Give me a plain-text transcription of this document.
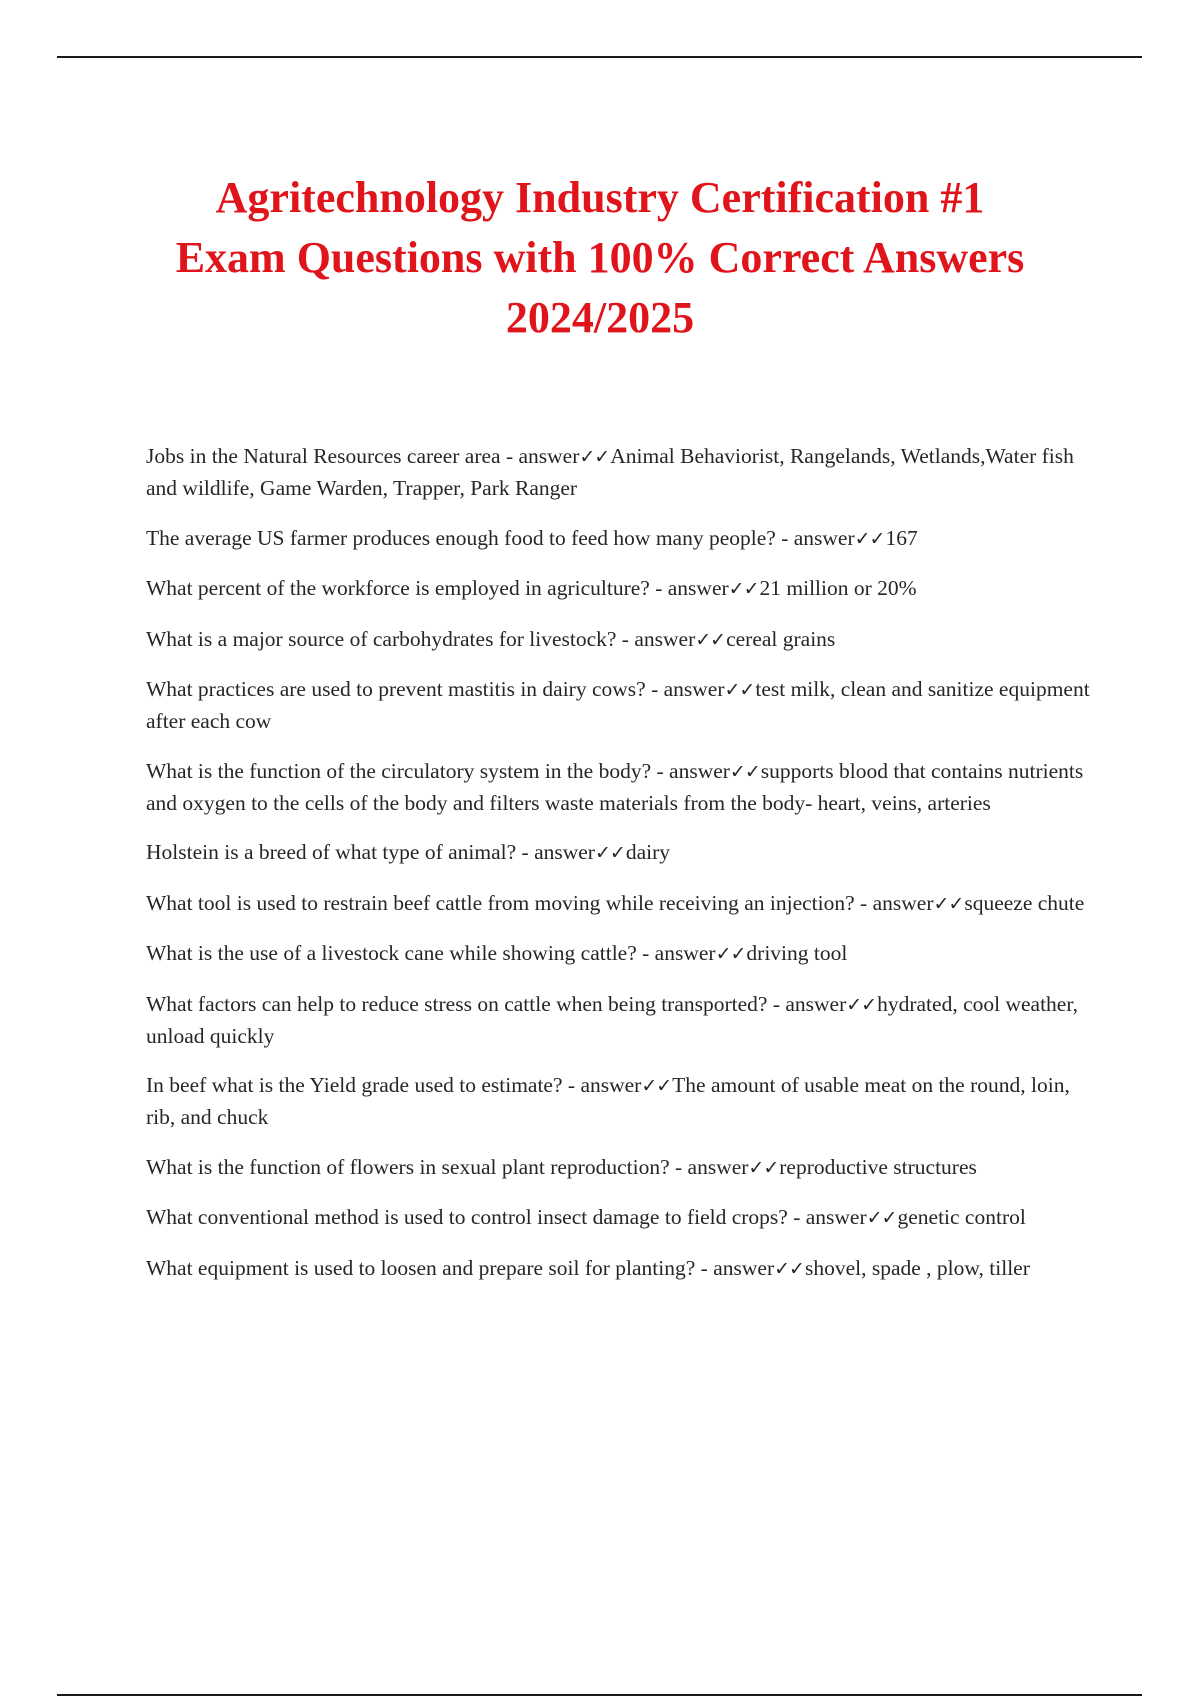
Agritechnology Industry Certification #1
Exam Questions with 100% Correct Answers
2024/2025
Jobs in the Natural Resources career area - answer✓✓Animal Behaviorist, Rangelands, Wetlands,Water fish and wildlife, Game Warden, Trapper, Park Ranger
The average US farmer produces enough food to feed how many people? - answer✓✓167
What percent of the workforce is employed in agriculture? - answer✓✓21 million or 20%
What is a major source of carbohydrates for livestock? - answer✓✓cereal grains
What practices are used to prevent mastitis in dairy cows? - answer✓✓test milk, clean and sanitize equipment after each cow
What is the function of the circulatory system in the body? - answer✓✓supports blood that contains nutrients and oxygen to the cells of the body and filters waste materials from the body- heart, veins, arteries
Holstein is a breed of what type of animal? - answer✓✓dairy
What tool is used to restrain beef cattle from moving while receiving an injection? - answer✓✓squeeze chute
What is the use of a livestock cane while showing cattle? - answer✓✓driving tool
What factors can help to reduce stress on cattle when being transported? - answer✓✓hydrated, cool weather, unload quickly
In beef what is the Yield grade used to estimate? - answer✓✓The amount of usable meat on the round, loin, rib, and chuck
What is the function of flowers in sexual plant reproduction? - answer✓✓reproductive structures
What conventional method is used to control insect damage to field crops? - answer✓✓genetic control
What equipment is used to loosen and prepare soil for planting? - answer✓✓shovel, spade , plow, tiller
